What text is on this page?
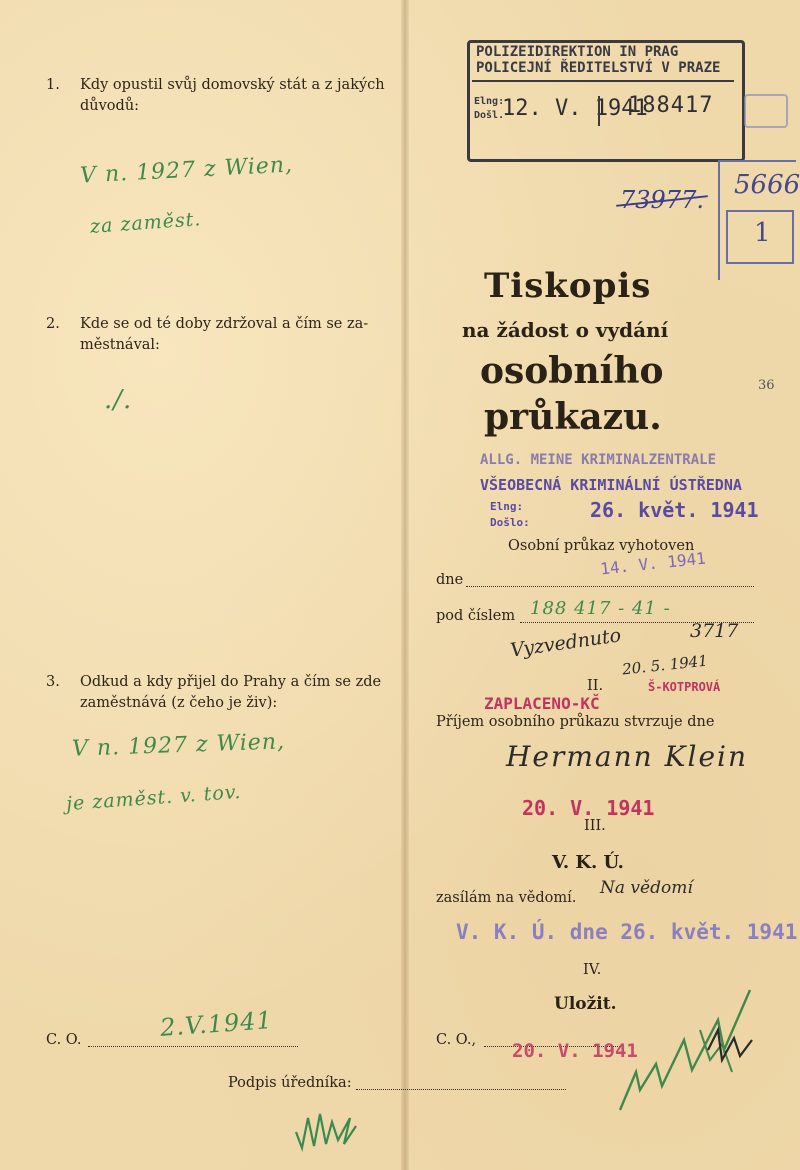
1. Kdy opustil svůj domovský stát a z jakých
důvodů:
V n. 1927 z Wien,
za zaměst.
2. Kde se od té doby zdržoval a čím se za-
městnával:
./.
3. Odkud a kdy přijel do Prahy a čím se zde
zaměstnává (z čeho je živ):
V n. 1927 z Wien,
je zaměst. v. tov.
C. O.	2.V.1941
Podpis úředníka:
POLIZEIDIREKTION IN PRAG
POLICEJNÍ ŘEDITELSTVÍ V PRAZE
Elng:
Došl.
12. V. 1941
188417
73977. 5666
1
36
Tiskopis
na žádost o vydání
osobního
průkazu.
ALLG. MEINE KRIMINALZENTRALE
VŠEOBECNÁ KRIMINÁLNÍ ÚSTŘEDNA
Elng:
Došlo:
26. květ. 1941
Osobní průkaz vyhotoven
dne
14. V. 1941
pod číslem 188 417 - 41 -
3717
Vyzvednuto
20. 5. 1941
II.
ZAPLACENO-KČ
Š-KOTPROVÁ
Příjem osobního průkazu stvrzuje dne
Hermann Klein
20. V. 1941
III.
V. K. Ú.
zasílám na vědomí. Na vědomí
V. K. Ú. dne 26. květ. 1941
IV.
Uložit.
C. O., 20. V. 1941
